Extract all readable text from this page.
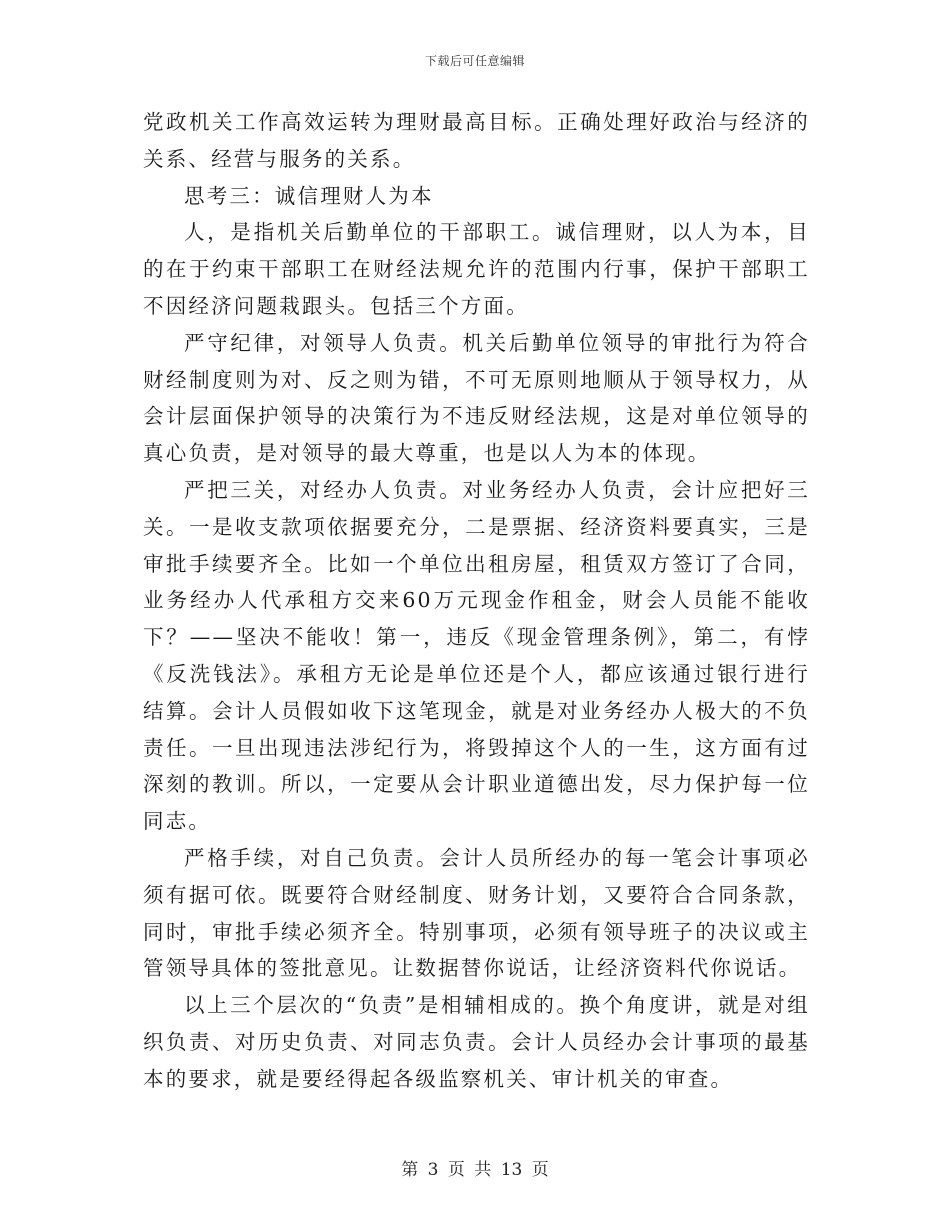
下载后可任意编辑

党政机关工作高效运转为理财最高目标。正确处理好政治与经济的关系、经营与服务的关系。

思考三：诚信理财人为本

人，是指机关后勤单位的干部职工。诚信理财，以人为本，目的在于约束干部职工在财经法规允许的范围内行事，保护干部职工不因经济问题栽跟头。包括三个方面。

严守纪律，对领导人负责。机关后勤单位领导的审批行为符合财经制度则为对、反之则为错，不可无原则地顺从于领导权力，从会计层面保护领导的决策行为不违反财经法规，这是对单位领导的真心负责，是对领导的最大尊重，也是以人为本的体现。

严把三关，对经办人负责。对业务经办人负责，会计应把好三关。一是收支款项依据要充分，二是票据、经济资料要真实，三是审批手续要齐全。比如一个单位出租房屋，租赁双方签订了合同，业务经办人代承租方交来60万元现金作租金，财会人员能不能收下？——坚决不能收！第一，违反《现金管理条例》，第二，有悖《反洗钱法》。承租方无论是单位还是个人，都应该通过银行进行结算。会计人员假如收下这笔现金，就是对业务经办人极大的不负责任。一旦出现违法涉纪行为，将毁掉这个人的一生，这方面有过深刻的教训。所以，一定要从会计职业道德出发，尽力保护每一位同志。

严格手续，对自己负责。会计人员所经办的每一笔会计事项必须有据可依。既要符合财经制度、财务计划，又要符合合同条款，同时，审批手续必须齐全。特别事项，必须有领导班子的决议或主管领导具体的签批意见。让数据替你说话，让经济资料代你说话。

以上三个层次的“负责”是相辅相成的。换个角度讲，就是对组织负责、对历史负责、对同志负责。会计人员经办会计事项的最基本的要求，就是要经得起各级监察机关、审计机关的审查。

第 3 页 共 13 页
